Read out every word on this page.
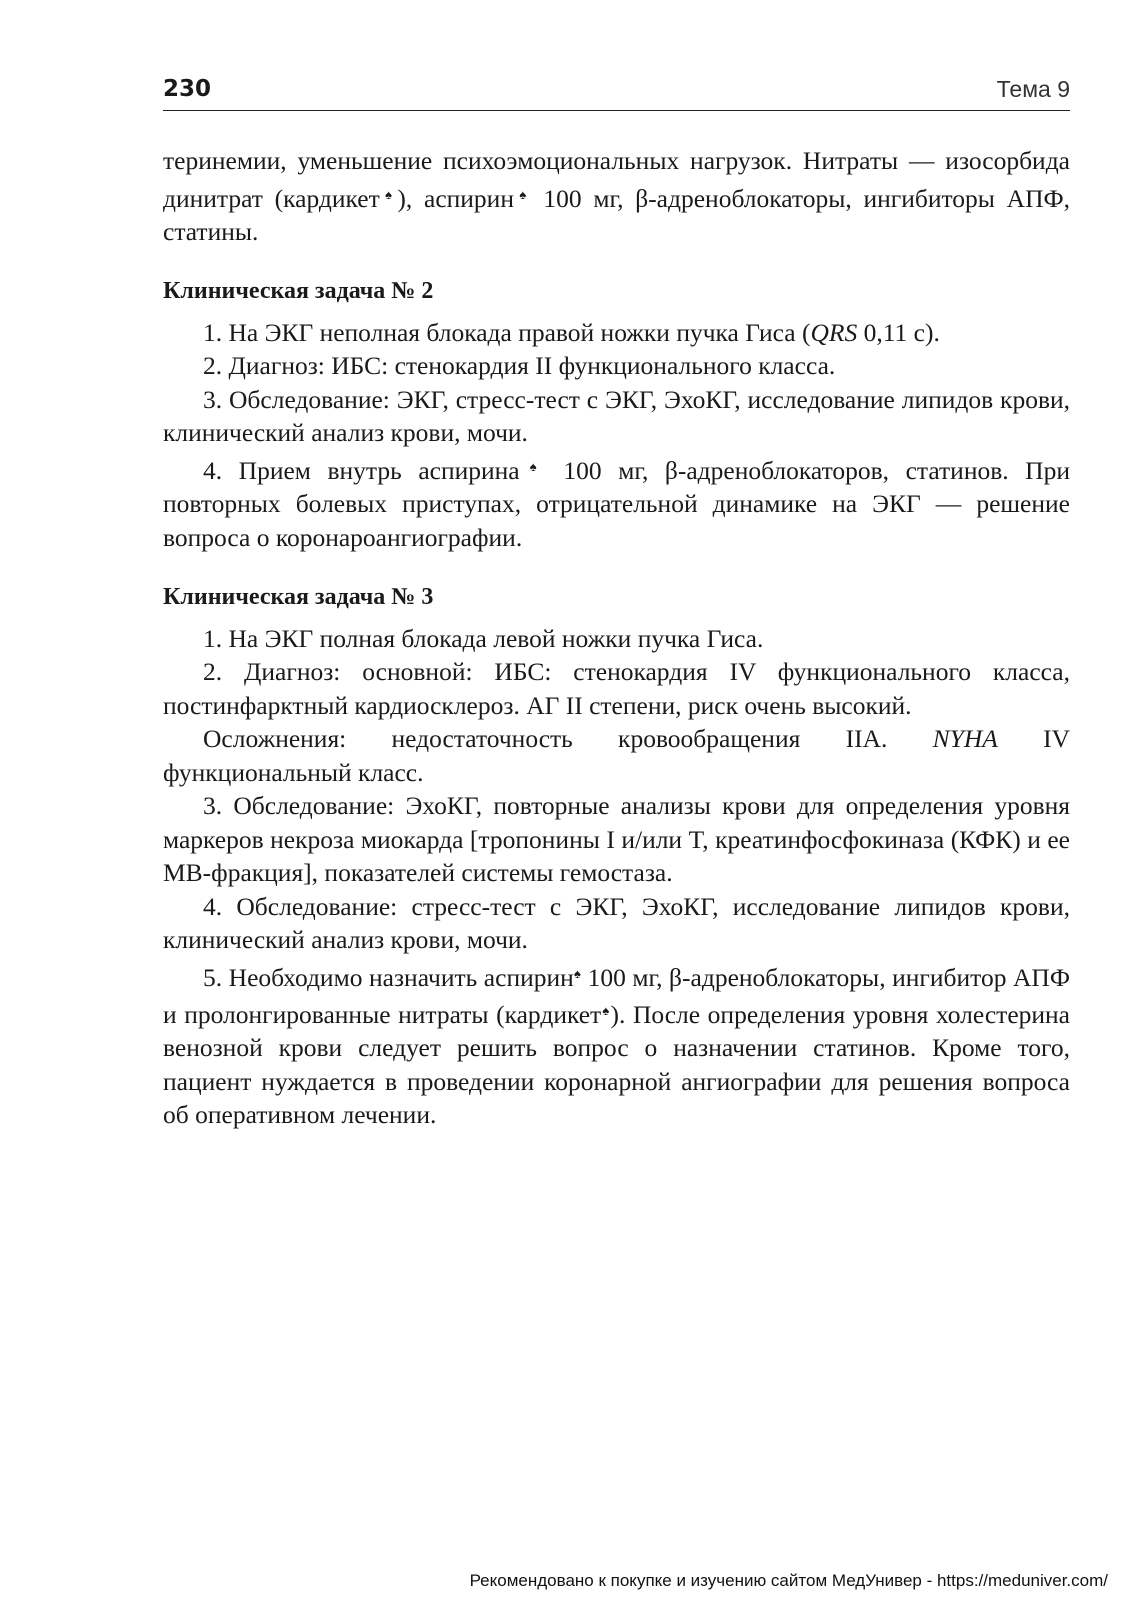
230	Тема 9

теринемии, уменьшение психоэмоциональных нагрузок. Нитраты — изосорбида динитрат (кардикет♠), аспирин♠ 100 мг, β-адреноблокаторы, ингибиторы АПФ, статины.

Клиническая задача № 2

1. На ЭКГ неполная блокада правой ножки пучка Гиса (QRS 0,11 с).

2. Диагноз: ИБС: стенокардия II функционального класса.

3. Обследование: ЭКГ, стресс-тест с ЭКГ, ЭхоКГ, исследование липидов крови, клинический анализ крови, мочи.

4. Прием внутрь аспирина♠ 100 мг, β-адреноблокаторов, статинов. При повторных болевых приступах, отрицательной динамике на ЭКГ — решение вопроса о коронароангиографии.

Клиническая задача № 3

1. На ЭКГ полная блокада левой ножки пучка Гиса.

2. Диагноз: основной: ИБС: стенокардия IV функционального класса, постинфарктный кардиосклероз. АГ II степени, риск очень высокий.

Осложнения: недостаточность кровообращения IIА. NYHA IV функциональный класс.

3. Обследование: ЭхоКГ, повторные анализы крови для определения уровня маркеров некроза миокарда [тропонины I и/или T, креатинфосфокиназа (КФК) и ее МВ-фракция], показателей системы гемостаза.

4. Обследование: стресс-тест с ЭКГ, ЭхоКГ, исследование липидов крови, клинический анализ крови, мочи.

5. Необходимо назначить аспирин♠ 100 мг, β-адреноблокаторы, ингибитор АПФ и пролонгированные нитраты (кардикет♠). После определения уровня холестерина венозной крови следует решить вопрос о назначении статинов. Кроме того, пациент нуждается в проведении коронарной ангиографии для решения вопроса об оперативном лечении.

Рекомендовано к покупке и изучению сайтом МедУнивер - https://meduniver.com/
